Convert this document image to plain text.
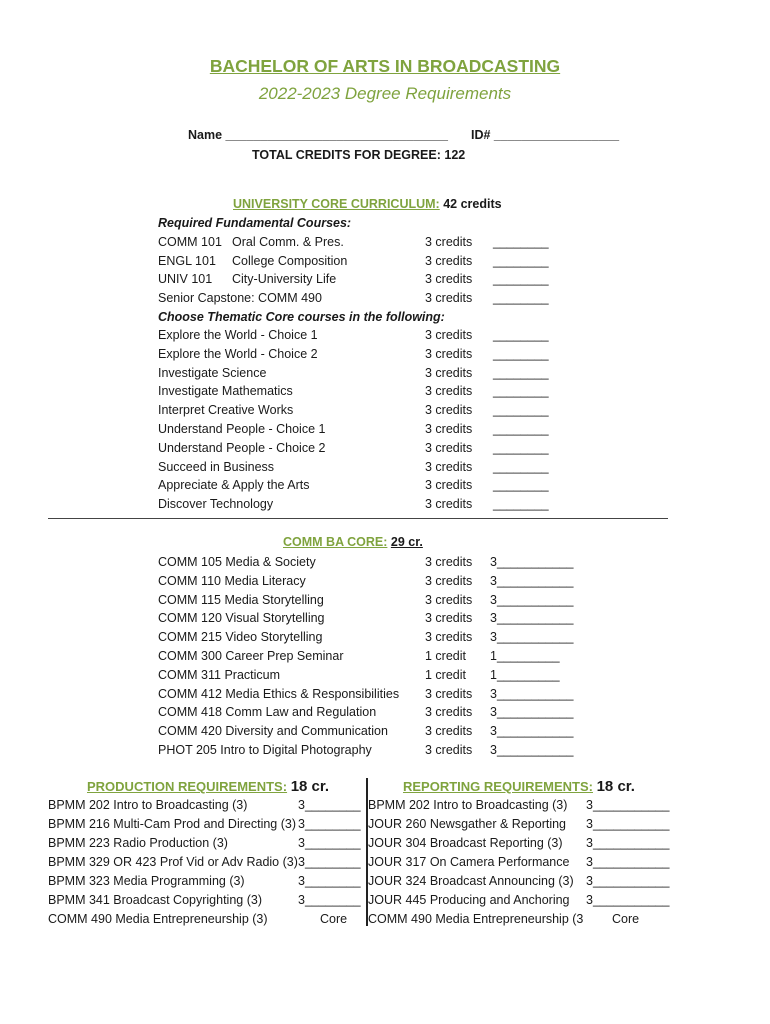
BACHELOR OF ARTS IN BROADCASTING
2022-2023 Degree Requirements
Name ________________________________ ID# __________________
TOTAL CREDITS FOR DEGREE: 122
UNIVERSITY CORE CURRICULUM: 42 credits
Required Fundamental Courses:
COMM 101 Oral Comm. & Pres.	3 credits ________
ENGL 101 College Composition	3 credits ________
UNIV 101 City-University Life	3 credits ________
Senior Capstone: COMM 490	3 credits ________
Choose Thematic Core courses in the following:
Explore the World - Choice 1	3 credits ________
Explore the World - Choice 2	3 credits ________
Investigate Science	3 credits ________
Investigate Mathematics	3 credits ________
Interpret Creative Works	3 credits ________
Understand People - Choice 1	3 credits ________
Understand People - Choice 2	3 credits ________
Succeed in Business	3 credits ________
Appreciate & Apply the Arts	3 credits ________
Discover Technology	3 credits ________
COMM BA CORE: 29 cr.
COMM 105 Media & Society	3 credits 3___________
COMM 110 Media Literacy	3 credits 3___________
COMM 115 Media Storytelling	3 credits 3___________
COMM 120 Visual Storytelling	3 credits 3___________
COMM 215 Video Storytelling	3 credits 3___________
COMM 300 Career Prep Seminar	1 credit 1_________
COMM 311 Practicum	1 credit 1_________
COMM 412 Media Ethics & Responsibilities 3 credits 3___________
COMM 418 Comm Law and Regulation	3 credits 3___________
COMM 420 Diversity and Communication	3 credits 3___________
PHOT 205 Intro to Digital Photography	3 credits 3___________
PRODUCTION REQUIREMENTS: 18 cr.	REPORTING REQUIREMENTS: 18 cr.
BPMM 202 Intro to Broadcasting (3)	3________
BPMM 216 Multi-Cam Prod and Directing (3) 3________
BPMM 223 Radio Production (3)	3________
BPMM 329 OR 423 Prof Vid or Adv Radio (3) 3________
BPMM 323 Media Programming (3)	3________
BPMM 341 Broadcast Copyrighting (3)	3________
COMM 490 Media Entrepreneurship (3)	Core
BPMM 202 Intro to Broadcasting (3) 3___________
JOUR 260 Newsgather & Reporting 3___________
JOUR 304 Broadcast Reporting (3) 3___________
JOUR 317 On Camera Performance 3___________
JOUR 324 Broadcast Announcing (3) 3___________
JOUR 445 Producing and Anchoring 3___________
COMM 490 Media Entrepreneurship (3 Core
